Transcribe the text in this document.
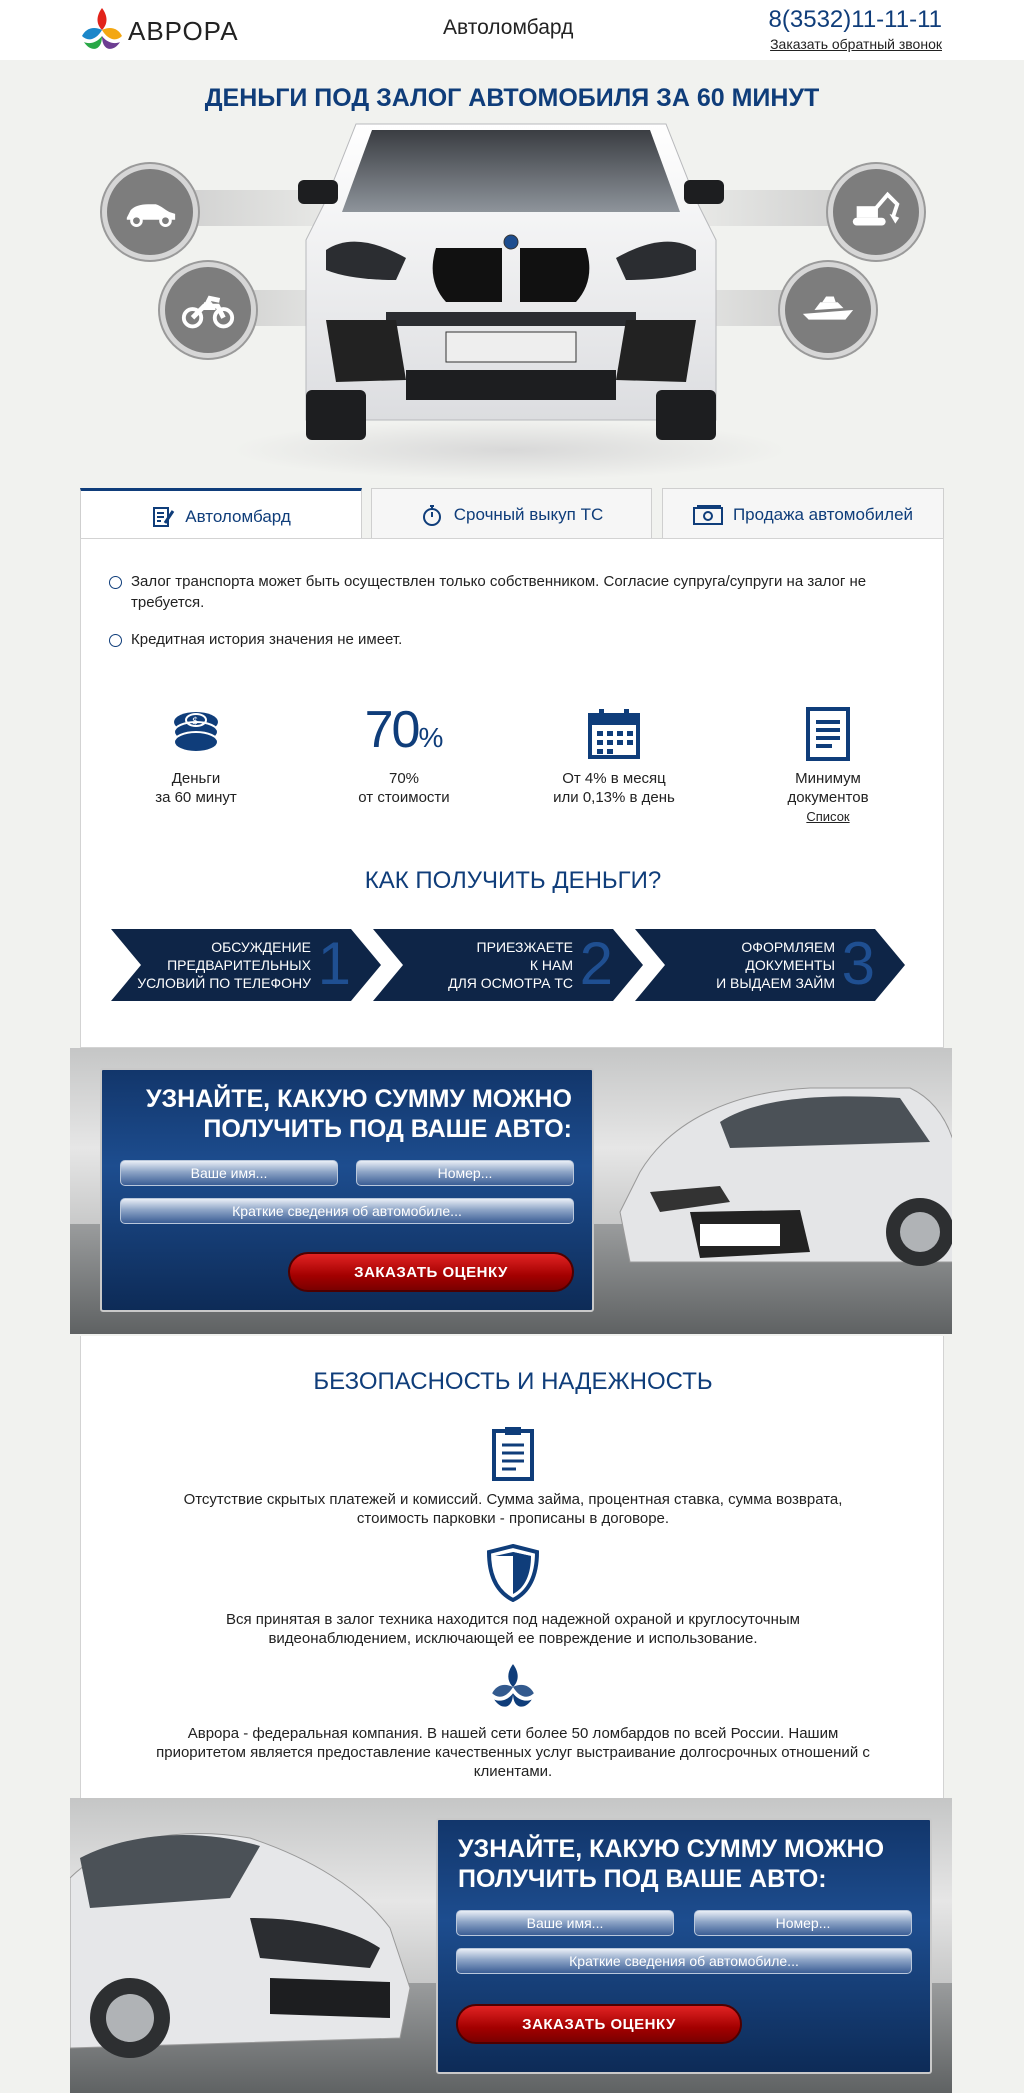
АВРОРА	Автоломбард	8(3532)11-11-11
Заказать обратный звонок
ДЕНЬГИ ПОД ЗАЛОГ АВТОМОБИЛЯ ЗА 60 МИНУТ
Автоломбард	Срочный выкуп ТС	Продажа автомобилей
Залог транспорта может быть осуществлен только собственником. Согласие супруга/супруги на залог не требуется.
Кредитная история значения не имеет.
$
Деньги
за 60 минут
70%
70%
от стоимости
От 4% в месяц
или 0,13% в день
Минимум
документов
Список
КАК ПОЛУЧИТЬ ДЕНЬГИ?
ОБСУЖДЕНИЕ
ПРЕДВАРИТЕЛЬНЫХ
УСЛОВИЙ ПО ТЕЛЕФОНУ 1	ПРИЕЗЖАЕТЕ
К НАМ
ДЛЯ ОСМОТРА ТС 2	ОФОРМЛЯЕМ
ДОКУМЕНТЫ
И ВЫДАЕМ ЗАЙМ 3
УЗНАЙТЕ, КАКУЮ СУММУ МОЖНО
ПОЛУЧИТЬ ПОД ВАШЕ АВТО:
Ваше имя...	Номер...
Краткие сведения об автомобиле...
ЗАКАЗАТЬ ОЦЕНКУ
БЕЗОПАСНОСТЬ И НАДЕЖНОСТЬ
Отсутствие скрытых платежей и комиссий. Сумма займа, процентная ставка, сумма возврата,
стоимость парковки - прописаны в договоре.
Вся принятая в залог техника находится под надежной охраной и круглосуточным
видеонаблюдением, исключающей ее повреждение и использование.
Аврора - федеральная компания. В нашей сети более 50 ломбардов по всей России. Нашим
приоритетом является предоставление качественных услуг выстраивание долгосрочных отношений с
клиентами.
УЗНАЙТЕ, КАКУЮ СУММУ МОЖНО
ПОЛУЧИТЬ ПОД ВАШЕ АВТО:
Ваше имя...	Номер...
Краткие сведения об автомобиле...
ЗАКАЗАТЬ ОЦЕНКУ
